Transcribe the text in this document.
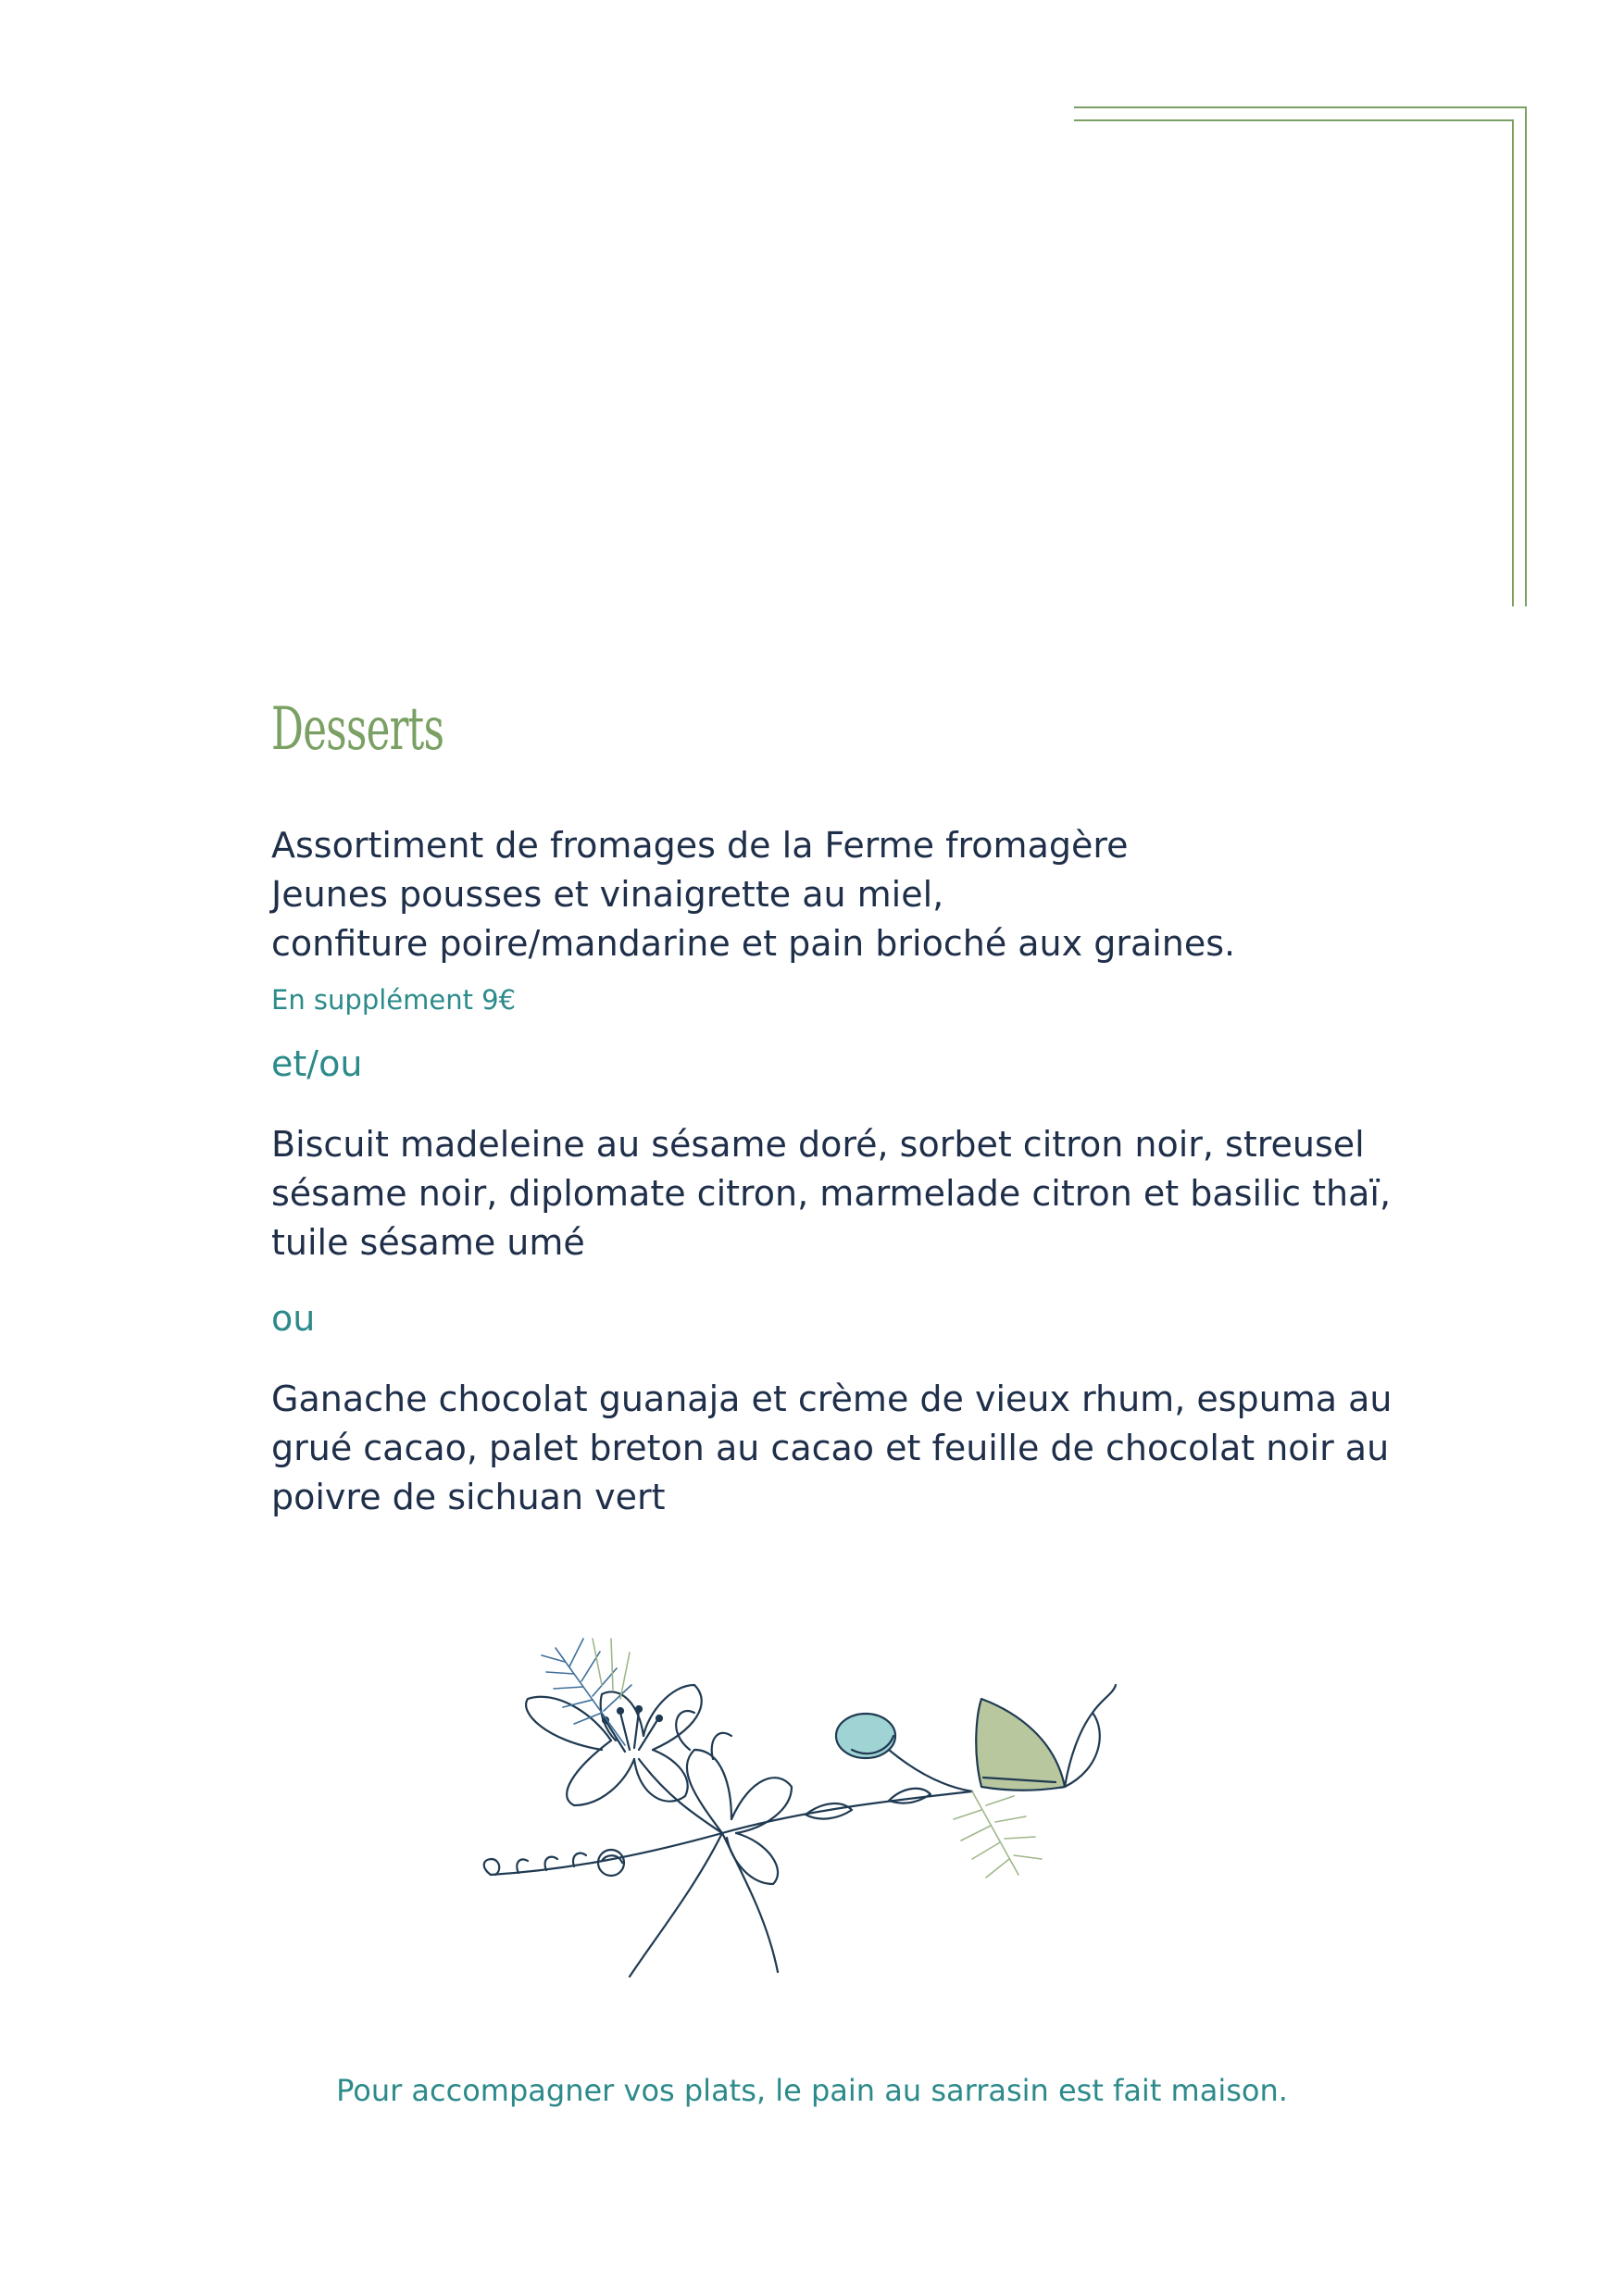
Desserts

Assortiment de fromages de la Ferme fromagère

Jeunes pousses et vinaigrette au miel,

confiture poire/mandarine et pain brioché aux graines.

En supplément 9€

et/ou

Biscuit madeleine au sésame doré, sorbet citron noir, streusel

sésame noir, diplomate citron, marmelade citron et basilic thaï,

tuile sésame umé

ou

Ganache chocolat guanaja et crème de vieux rhum, espuma au

grué cacao, palet breton au cacao et feuille de chocolat noir au

poivre de sichuan vert

Pour accompagner vos plats, le pain au sarrasin est fait maison.
